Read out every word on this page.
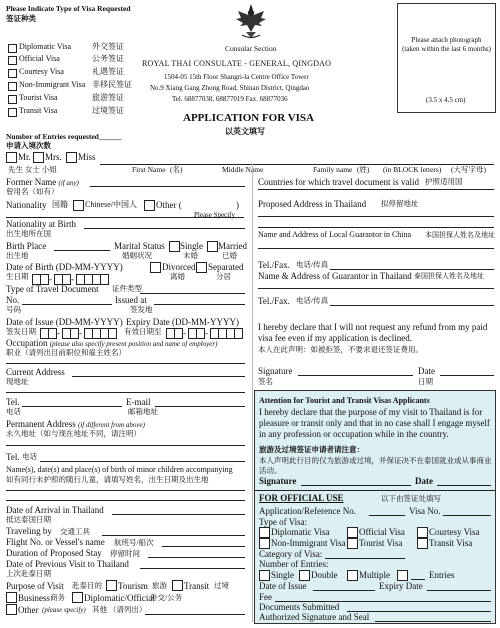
Please Indicate Type of Visa Requested
签证种类
Diplomatic Visa	外交签证
Official Visa	公务签证
Courtesy Visa	礼遇签证
Non-Immigrant Visa 非移民签证
Tourist Visa	旅游签证
Transit Visa	过境签证
Consular Section
ROYAL THAI CONSULATE - GENERAL, QINGDAO
1504-05 15th Floor Shangri-la Centre Office Tower
No.9 Xiang Gang Zhong Road, Shinan District, Qingdao
Tel. 68877038, 68877019 Fax. 68877036
APPLICATION FOR VISA
以英文填写
Please attach photograph (taken within the last 6 months)
(3.5 x 4.5 cm)
Number of Entries requested______
申请入境次数
Mr. Mrs. Miss
先生 女士 小姐	First Name (名)	Middle Name	Family name (姓) (in BLOCK letters) (大写字母)
Former Name (if any)
曾用名（如有）
Nationality 国籍 Chinese/中国人 Other (	)
Please Specify
Nationality at Birth
出生地所在国
Birth Place
出生地
Marital Status
婚姻状况
Single
未婚
Married
已婚
Date of Birth (DD-MM-YYYY)
生日期 - -
Divorced
离婚
Separated
分居
Type of Travel Document 证件类型
No.
号码
Issued at
签发地
Date of Issue (DD-MM-YYYY)
签发日期 - -
Expiry Date (DD-MM-YYYY)
有效日期至 - -
Occupation (please also specify present position and name of employer)
职业（请列出目前职位和雇主姓名）
Current Address
现地址
Tel.
电话
E-mail
邮箱地址
Permanent Address (if different from above)
永久地址（如与现在地址不同，请注明）
Tel. 电话
Name(s), date(s) and place(s) of birth of minor children accompanying
如有同行未护照的随行儿童，请填写姓名，出生日期及出生地
Date of Arrival in Thailand
抵达泰国日期
Traveling by 交通工具
Flight No. or Vessel's name 航班号/船次
Duration of Proposed Stay 停留时间
Date of Previous Visit to Thailand
上次赴泰日期
Purpose of Visit 赴泰目的 Tourism 旅游 Transit 过境
Business 商务 Diplomatic/Official
外交/公务
Other (please specify) 其他 （请列出）
Countries for which travel document is valid 护照适用国
Proposed Address in Thailand 拟停留地址
Name and Address of Local Guarantor in China 本国担保人姓名及地址
Tel./Fax. 电话/传真
Name & Address of Guarantor in Thailand 泰国担保人姓名及地址
Tel./Fax. 电话/传真
I hereby declare that I will not request any refund from my paid visa fee even if my application is declined.
本人在此声明：如被拒签，不要求退还签证费用。
Signature
签名
Date
日期
Attention for Tourist and Transit Visas Applicants
I hereby declare that the purpose of my visit to Thailand is for pleasure or transit only and that in no case shall I engage myself in any profession or occupation while in the country.
旅游及过境签证申请者请注意：
本人声明此行目的仅为旅游或过境，并保证决不在泰国就业或从事商业活动。
Signature	Date
FOR OFFICIAL USE	以下由签证处填写
Application/Reference No.	Visa No.
Type of Visa:
Diplomatic Visa	Official Visa	Courtesy Visa
Non-Immigrant Visa Tourist Visa	Transit Visa
Category of Visa:
Number of Entries:
Single Double Multiple	Entries
Date of Issue	Expiry Date
Fee
Documents Submitted
Authorized Signature and Seal
